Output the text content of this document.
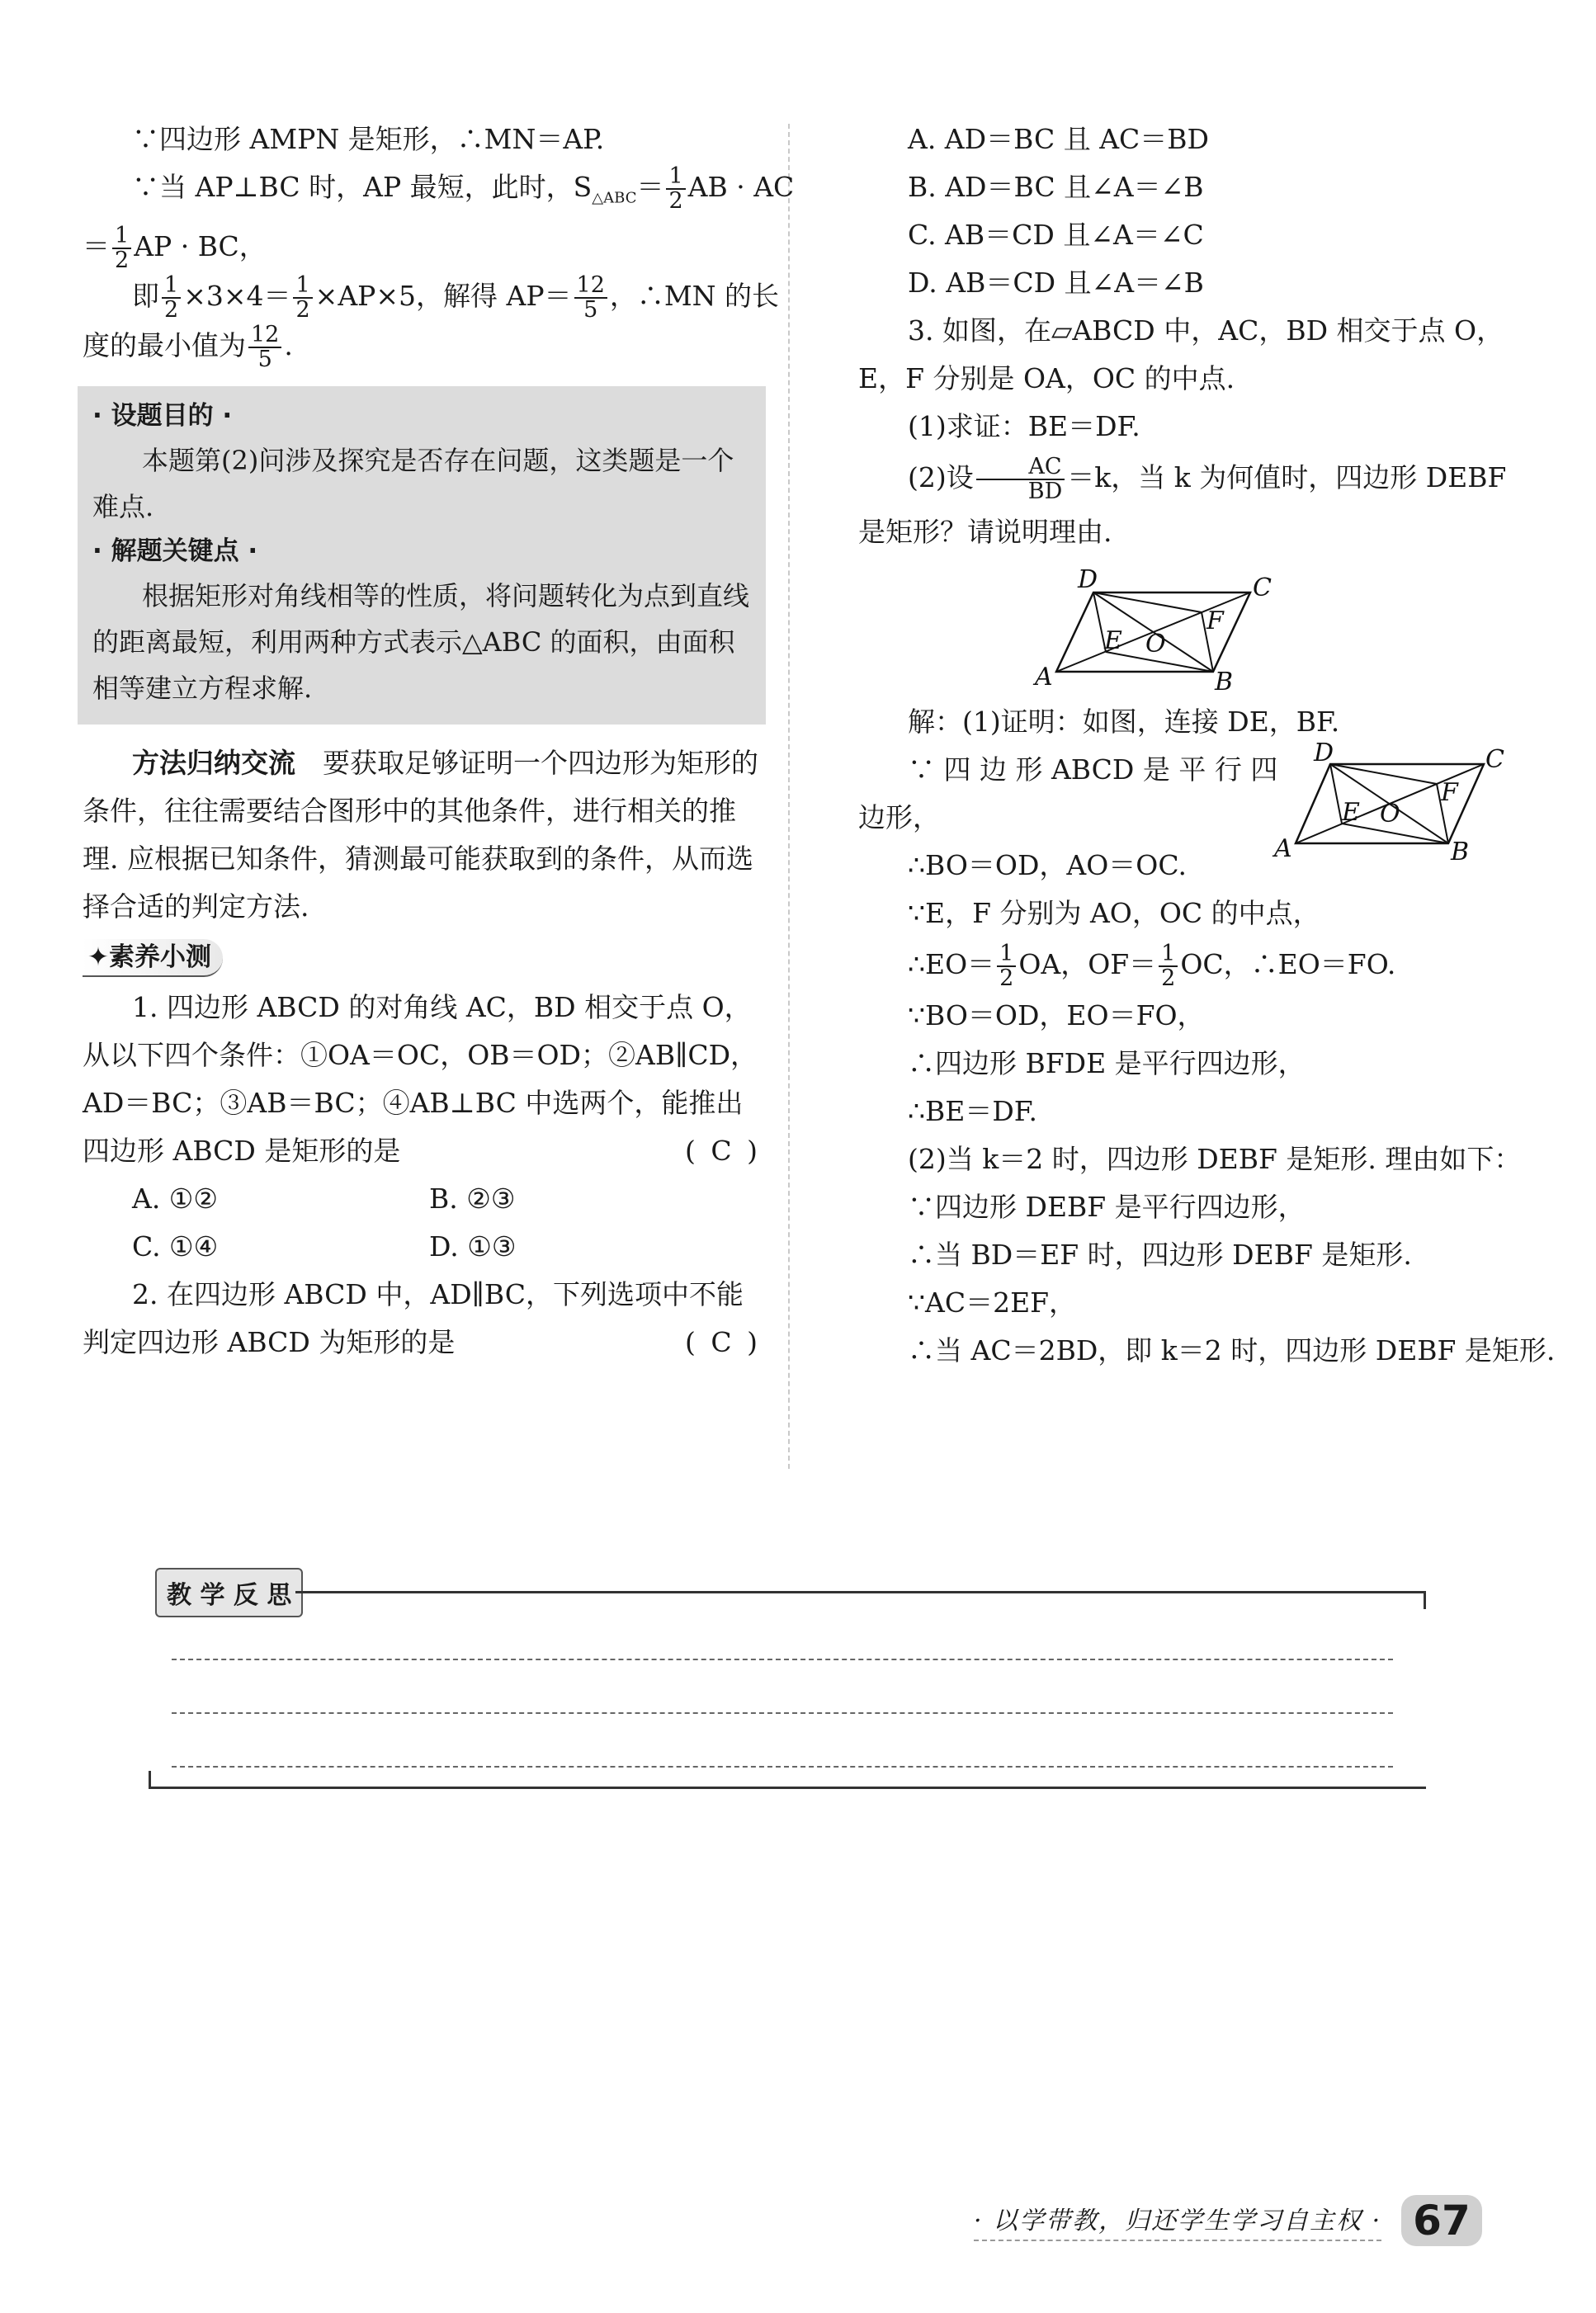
∵四边形 AMPN 是矩形，∴MN＝AP.
∵当 AP⊥BC 时，AP 最短，此时，$S_{\triangle ABC}= \frac{1}{2}$ AB · AC
＝ $\frac{1}{2}$ AP · BC，
即 $\frac{1}{2} \times 3\times 4= \frac{1}{2} \times AP\times 5$，解得 $AP= \frac{12}{5}$ ，∴MN 的长
度的最小值为 $\frac{12}{5}$ .
· 设题目的 ·
本题第(2)问涉及探究是否存在问题，这类题是一个难点.
· 解题关键点 ·
根据矩形对角线相等的性质，将问题转化为点到直线的距离最短，利用两种方式表示△ABC 的面积，由面积相等建立方程求解.
方法归纳交流　 要获取足够证明一个四边形为矩形的条件，往往需要结合图形中的其他条件，进行相关的推理. 应根据已知条件，猜测最可能获取到的条件，从而选择合适的判定方法.
✦素养小测
1. 四边形 ABCD 的对角线 AC，BD 相交于点 O，从以下四个条件：①OA＝OC，OB＝OD；②AB∥CD，AD＝BC；③AB＝BC；④AB⊥BC 中选两个，能推出四边形 ABCD 是矩形的是	( C )
A. ①②	B. ②③
C. ①④	D. ①③
2. 在四边形 ABCD 中，AD∥BC，下列选项中不能判定四边形 ABCD 为矩形的是	( C )
A. AD＝BC 且 AC＝BD
B. AD＝BC 且∠A＝∠B
C. AB＝CD 且∠A＝∠C
D. AB＝CD 且∠A＝∠B
3. 如图，在▱ABCD 中，AC，BD 相交于点 O，E，F 分别是 OA，OC 的中点.
(1)求证：BE＝DF.
(2)设 $\frac{AC}{BD} =k$，当 k 为何值时，四边形 DEBF 是矩形？请说明理由.
A	B
C
D
E
F
O
解：(1)证明：如图，连接 DE，BF.
A	B
C
D
E
F
O
∵ 四 边 形 ABCD 是 平 行 四
边形，
∴BO＝OD，AO＝OC.
∵E，F 分别为 AO，OC 的中点，
∴EO＝ $\frac{1}{2}$ OA，$OF= \frac{1}{2}$ OC，∴EO＝FO.
∵BO＝OD，EO＝FO，
∴四边形 BFDE 是平行四边形，
∴BE＝DF.
(2)当 k＝2 时，四边形 DEBF 是矩形. 理由如下：
∵四边形 DEBF 是平行四边形，
∴当 BD＝EF 时，四边形 DEBF 是矩形.
∵AC＝2EF，
∴当 AC＝2BD，即 k＝2 时，四边形 DEBF 是矩形.
教 学 反 思
· 以学带教，归还学生学习自主权 · 67
